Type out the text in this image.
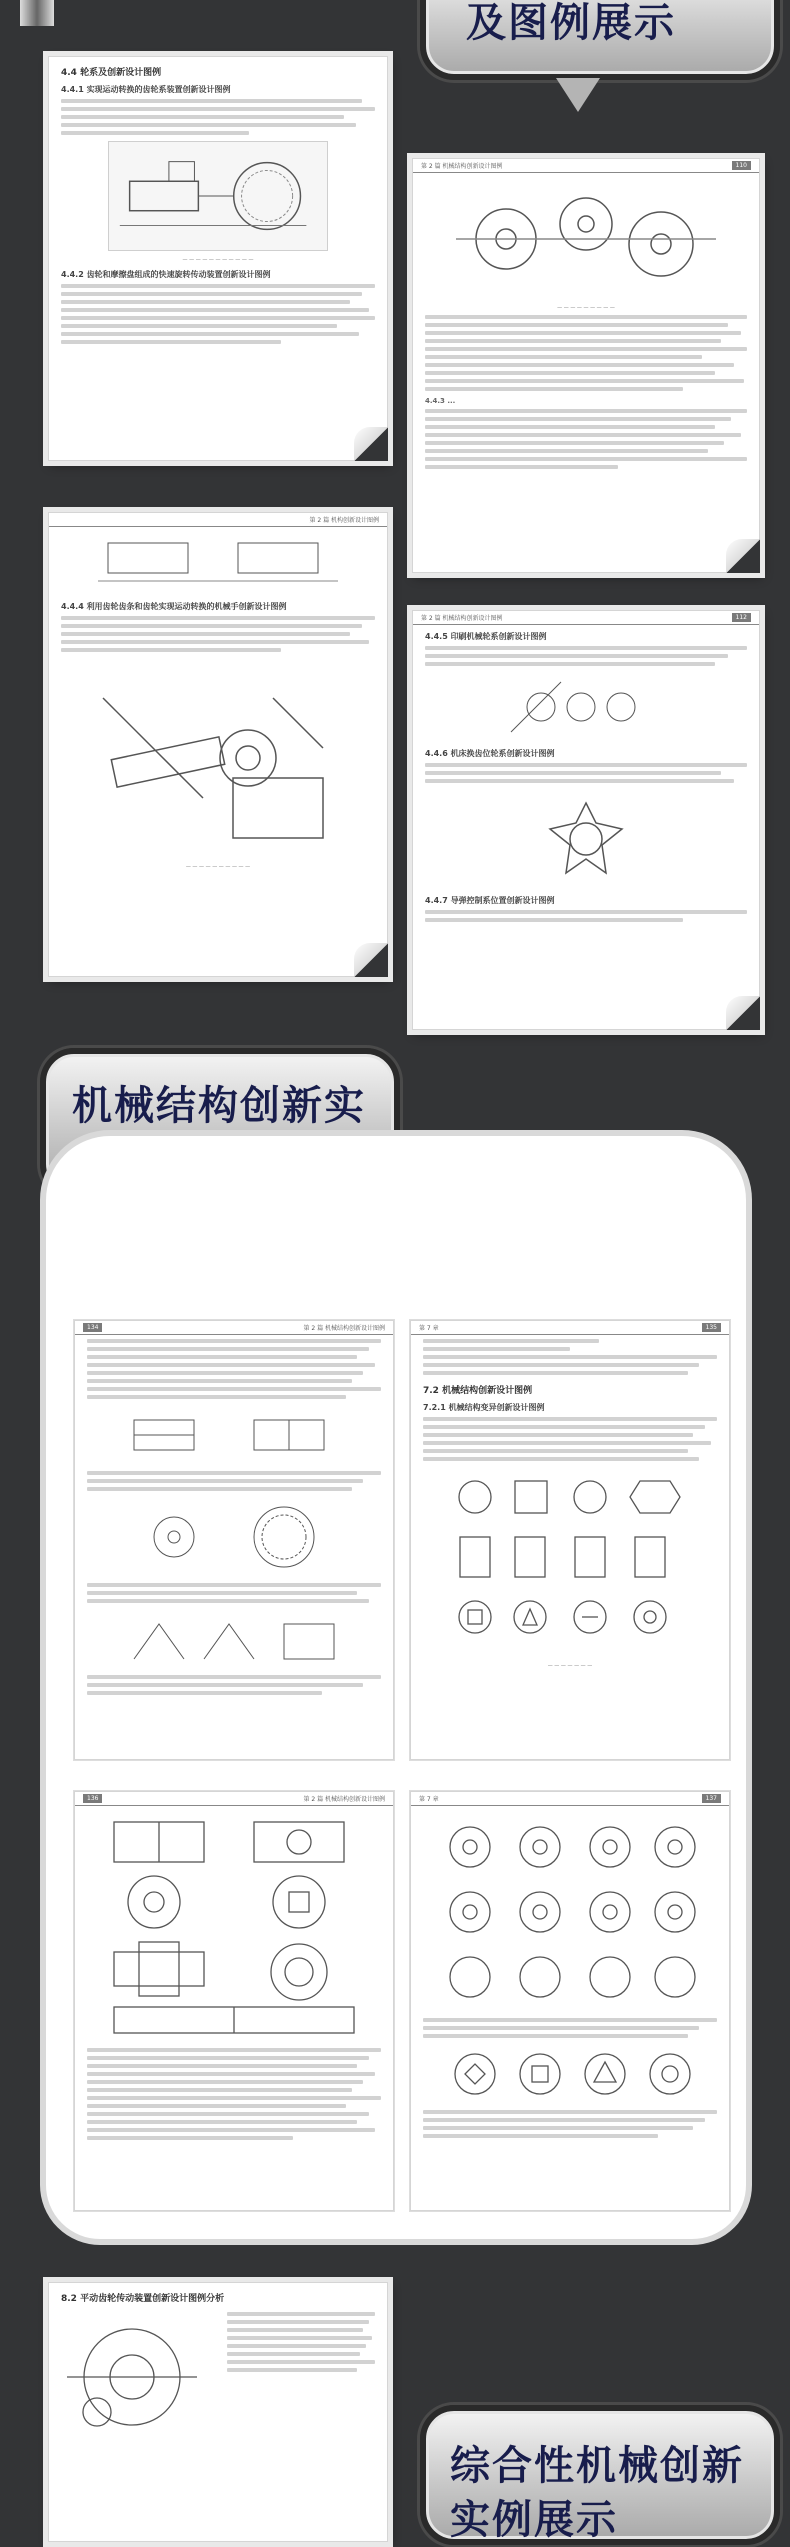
及图例展示
4.4 轮系及创新设计图例
4.4.1 实现运动转换的齿轮系装置创新设计图例
— — — — — — — — — — —
4.4.2 齿轮和摩擦盘组成的快速旋转传动装置创新设计图例
第 2 篇 机械结构创新设计图例	110
— — — — — — — — —
4.4.3 ...
第 2 篇 机构创新设计图例
4.4.4 利用齿轮齿条和齿轮实现运动转换的机械手创新设计图例
— — — — — — — — — —
第 2 篇 机械结构创新设计图例	112
4.4.5 印刷机械轮系创新设计图例
4.4.6 机床换齿位轮系创新设计图例
4.4.7 导弹控制系位置创新设计图例
机械结构创新实
134	第 2 篇 机械结构创新设计图例	第 7 章	135
7.2 机械结构创新设计图例
7.2.1 机械结构变异创新设计图例
— — — — — — —
136	第 2 篇 机械结构创新设计图例	第 7 章	137
8.2 平动齿轮传动装置创新设计图例分析
综合性机械创新实例展示
